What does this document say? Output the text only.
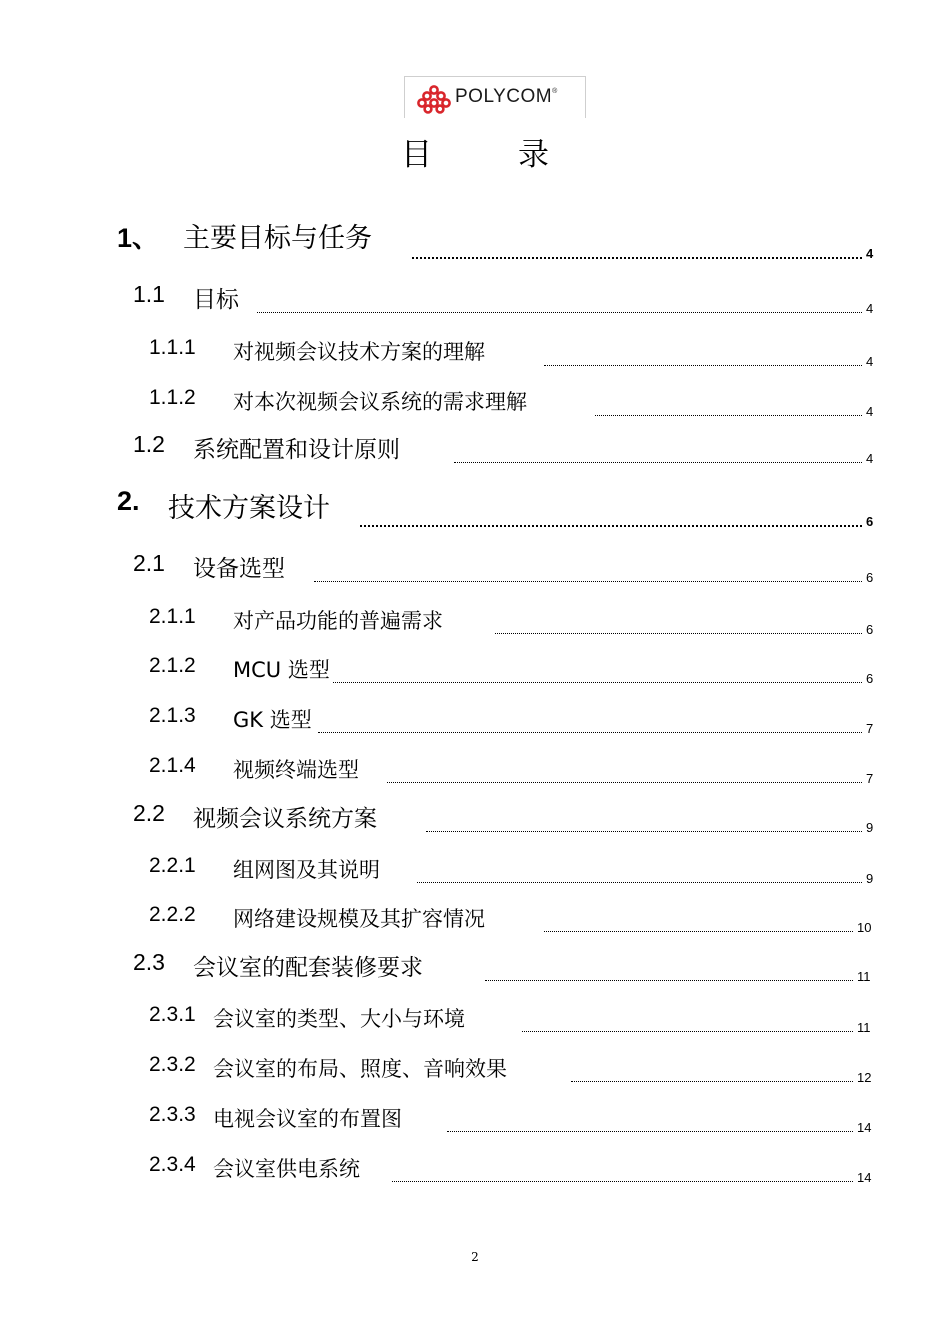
POLYCOM®
目录
1、 主要目标与任务	4
1.1 目标	4
1.1.1 对视频会议技术方案的理解	4
1.1.2 对本次视频会议系统的需求理解	4
1.2 系统配置和设计原则	4
2. 技术方案设计	6
2.1 设备选型	6
2.1.1 对产品功能的普遍需求	6
2.1.2 MCU 选型	6
2.1.3 GK 选型	7
2.1.4 视频终端选型	7
2.2 视频会议系统方案	9
2.2.1 组网图及其说明	9
2.2.2 网络建设规模及其扩容情况	10
2.3 会议室的配套装修要求	11
2.3.1 会议室的类型、大小与环境	11
2.3.2 会议室的布局、照度、音响效果	12
2.3.3 电视会议室的布置图	14
2.3.4 会议室供电系统	14
2
